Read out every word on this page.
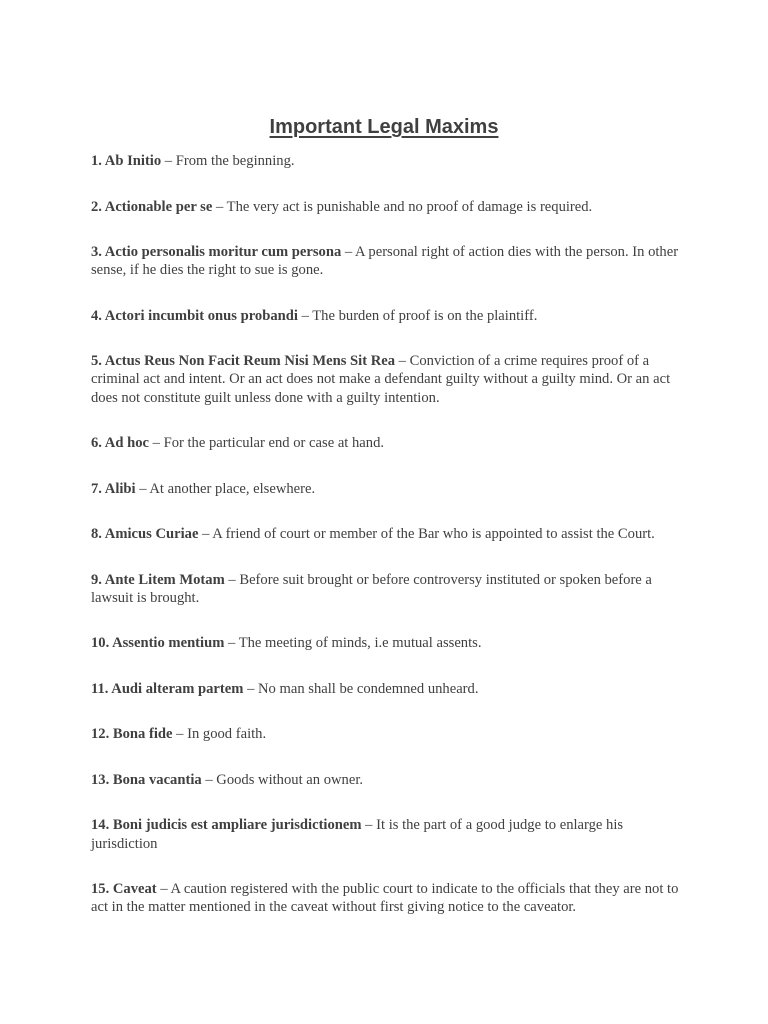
Important Legal Maxims

1. Ab Initio – From the beginning.

2. Actionable per se – The very act is punishable and no proof of damage is required.

3. Actio personalis moritur cum persona – A personal right of action dies with the person. In other sense, if he dies the right to sue is gone.

4. Actori incumbit onus probandi – The burden of proof is on the plaintiff.

5. Actus Reus Non Facit Reum Nisi Mens Sit Rea – Conviction of a crime requires proof of a criminal act and intent. Or an act does not make a defendant guilty without a guilty mind. Or an act does not constitute guilt unless done with a guilty intention.

6. Ad hoc – For the particular end or case at hand.

7. Alibi – At another place, elsewhere.

8. Amicus Curiae – A friend of court or member of the Bar who is appointed to assist the Court.

9. Ante Litem Motam – Before suit brought or before controversy instituted or spoken before a lawsuit is brought.

10. Assentio mentium – The meeting of minds, i.e mutual assents.

11. Audi alteram partem – No man shall be condemned unheard.

12. Bona fide – In good faith.

13. Bona vacantia – Goods without an owner.

14. Boni judicis est ampliare jurisdictionem – It is the part of a good judge to enlarge his jurisdiction

15. Caveat – A caution registered with the public court to indicate to the officials that they are not to act in the matter mentioned in the caveat without first giving notice to the caveator.
